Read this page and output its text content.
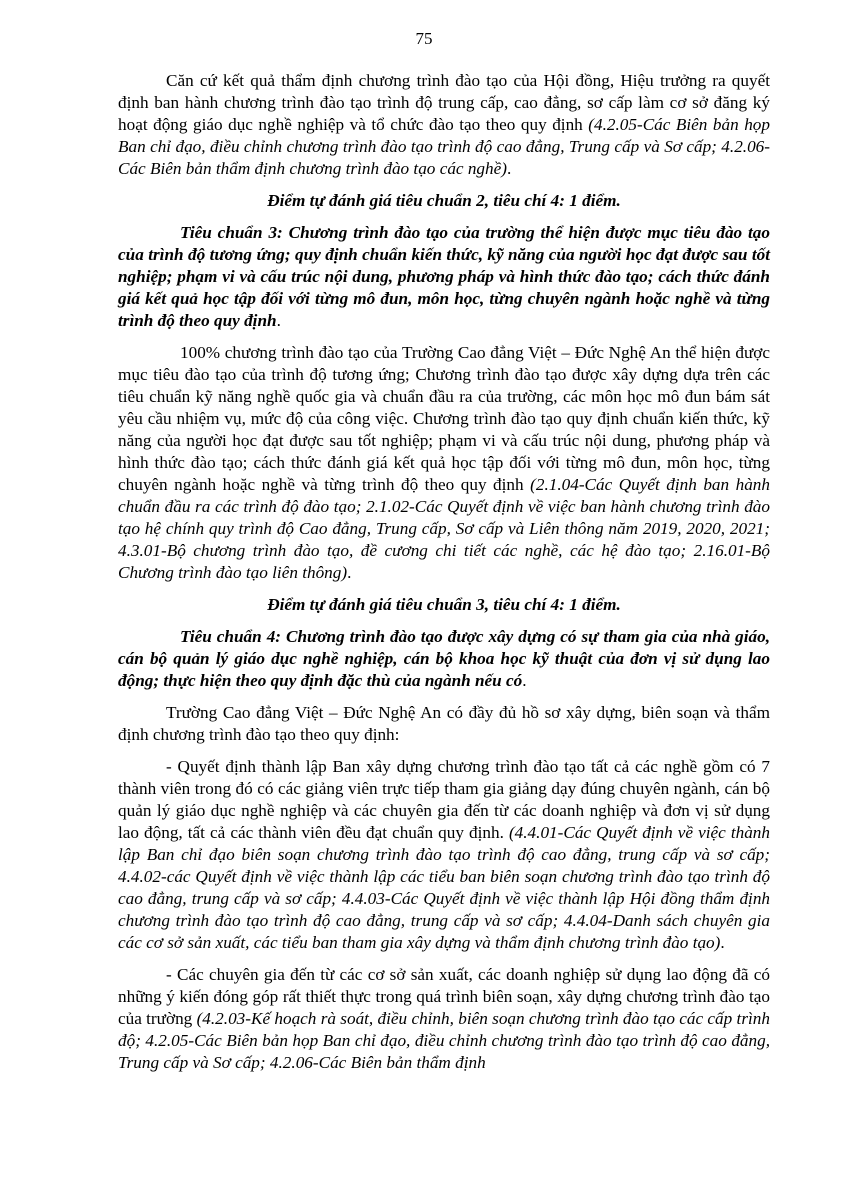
75

Căn cứ kết quả thẩm định chương trình đào tạo của Hội đồng, Hiệu trưởng ra quyết định ban hành chương trình đào tạo trình độ trung cấp, cao đẳng, sơ cấp làm cơ sở đăng ký hoạt động giáo dục nghề nghiệp và tổ chức đào tạo theo quy định (4.2.05-Các Biên bản họp Ban chỉ đạo, điều chỉnh chương trình đào tạo trình độ cao đẳng, Trung cấp và Sơ cấp; 4.2.06-Các Biên bản thẩm định chương trình đào tạo các nghề).

Điểm tự đánh giá tiêu chuẩn 2, tiêu chí 4: 1 điểm.

Tiêu chuẩn 3: Chương trình đào tạo của trường thể hiện được mục tiêu đào tạo của trình độ tương ứng; quy định chuẩn kiến thức, kỹ năng của người học đạt được sau tốt nghiệp; phạm vi và cấu trúc nội dung, phương pháp và hình thức đào tạo; cách thức đánh giá kết quả học tập đối với từng mô đun, môn học, từng chuyên ngành hoặc nghề và từng trình độ theo quy định.

100% chương trình đào tạo của Trường Cao đẳng Việt – Đức Nghệ An thể hiện được mục tiêu đào tạo của trình độ tương ứng; Chương trình đào tạo được xây dựng dựa trên các tiêu chuẩn kỹ năng nghề quốc gia và chuẩn đầu ra của trường, các môn học mô đun bám sát yêu cầu nhiệm vụ, mức độ của công việc. Chương trình đào tạo quy định chuẩn kiến thức, kỹ năng của người học đạt được sau tốt nghiệp; phạm vi và cấu trúc nội dung, phương pháp và hình thức đào tạo; cách thức đánh giá kết quả học tập đối với từng mô đun, môn học, từng chuyên ngành hoặc nghề và từng trình độ theo quy định (2.1.04-Các Quyết định ban hành chuẩn đầu ra các trình độ đào tạo; 2.1.02-Các Quyết định về việc ban hành chương trình đào tạo hệ chính quy trình độ Cao đẳng, Trung cấp, Sơ cấp và Liên thông năm 2019, 2020, 2021; 4.3.01-Bộ chương trình đào tạo, đề cương chi tiết các nghề, các hệ đào tạo; 2.16.01-Bộ Chương trình đào tạo liên thông).

Điểm tự đánh giá tiêu chuẩn 3, tiêu chí 4: 1 điểm.

Tiêu chuẩn 4: Chương trình đào tạo được xây dựng có sự tham gia của nhà giáo, cán bộ quản lý giáo dục nghề nghiệp, cán bộ khoa học kỹ thuật của đơn vị sử dụng lao động; thực hiện theo quy định đặc thù của ngành nếu có.

Trường Cao đẳng Việt – Đức Nghệ An có đầy đủ hồ sơ xây dựng, biên soạn và thẩm định chương trình đào tạo theo quy định:

- Quyết định thành lập Ban xây dựng chương trình đào tạo tất cả các nghề gồm có 7 thành viên trong đó có các giảng viên trực tiếp tham gia giảng dạy đúng chuyên ngành, cán bộ quản lý giáo dục nghề nghiệp và các chuyên gia đến từ các doanh nghiệp và đơn vị sử dụng lao động, tất cả các thành viên đều đạt chuẩn quy định. (4.4.01-Các Quyết định về việc thành lập Ban chỉ đạo biên soạn chương trình đào tạo trình độ cao đẳng, trung cấp và sơ cấp; 4.4.02-các Quyết định về việc thành lập các tiểu ban biên soạn chương trình đào tạo trình độ cao đẳng, trung cấp và sơ cấp; 4.4.03-Các Quyết định về việc thành lập Hội đồng thẩm định chương trình đào tạo trình độ cao đẳng, trung cấp và sơ cấp; 4.4.04-Danh sách chuyên gia các cơ sở sản xuất, các tiểu ban tham gia xây dựng và thẩm định chương trình đào tạo).

- Các chuyên gia đến từ các cơ sở sản xuất, các doanh nghiệp sử dụng lao động đã có những ý kiến đóng góp rất thiết thực trong quá trình biên soạn, xây dựng chương trình đào tạo của trường (4.2.03-Kế hoạch rà soát, điều chỉnh, biên soạn chương trình đào tạo các cấp trình độ; 4.2.05-Các Biên bản họp Ban chỉ đạo, điều chỉnh chương trình đào tạo trình độ cao đẳng, Trung cấp và Sơ cấp; 4.2.06-Các Biên bản thẩm định
